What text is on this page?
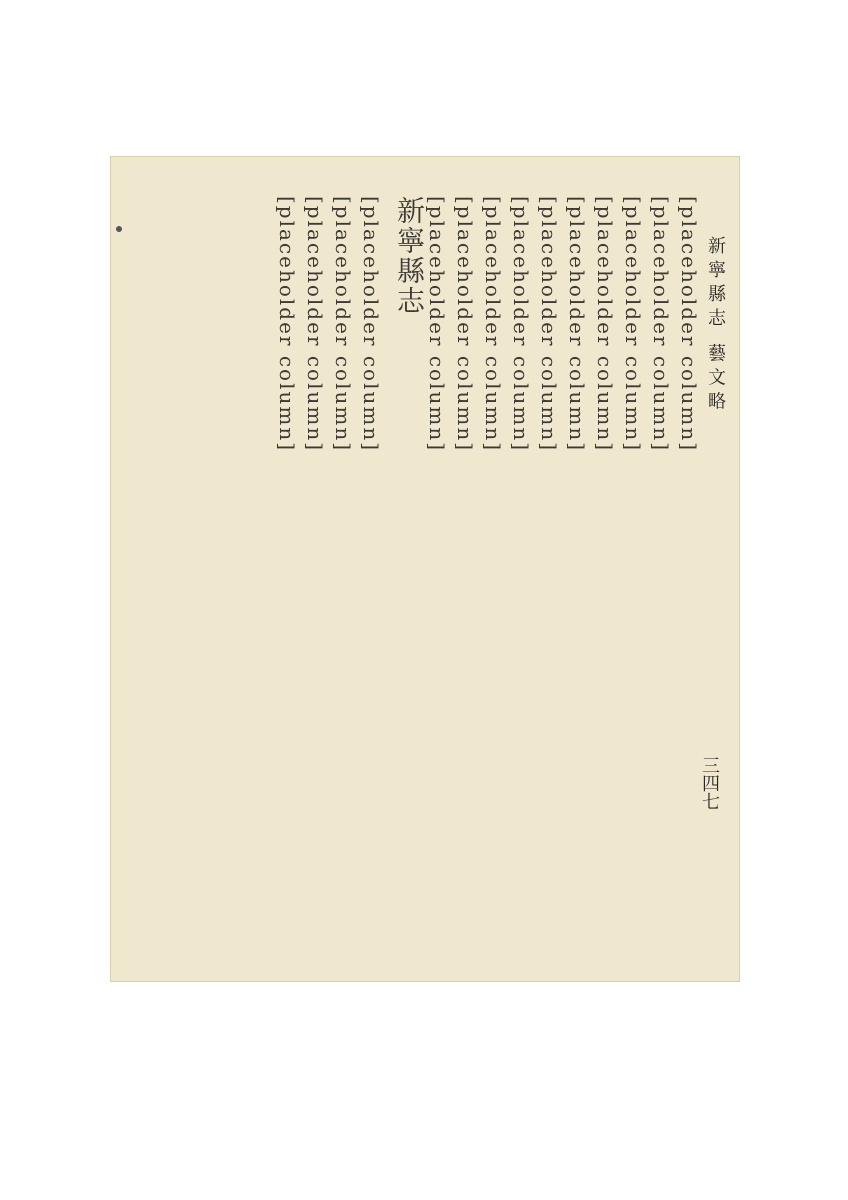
新寧縣志 藝文略
三四七
[placeholder column]
[placeholder column]
[placeholder column]
[placeholder column]
[placeholder column]
[placeholder column]
[placeholder column]
[placeholder column]
[placeholder column]
[placeholder column]
新寧縣志
[placeholder column]
[placeholder column]
[placeholder column]
[placeholder column]
